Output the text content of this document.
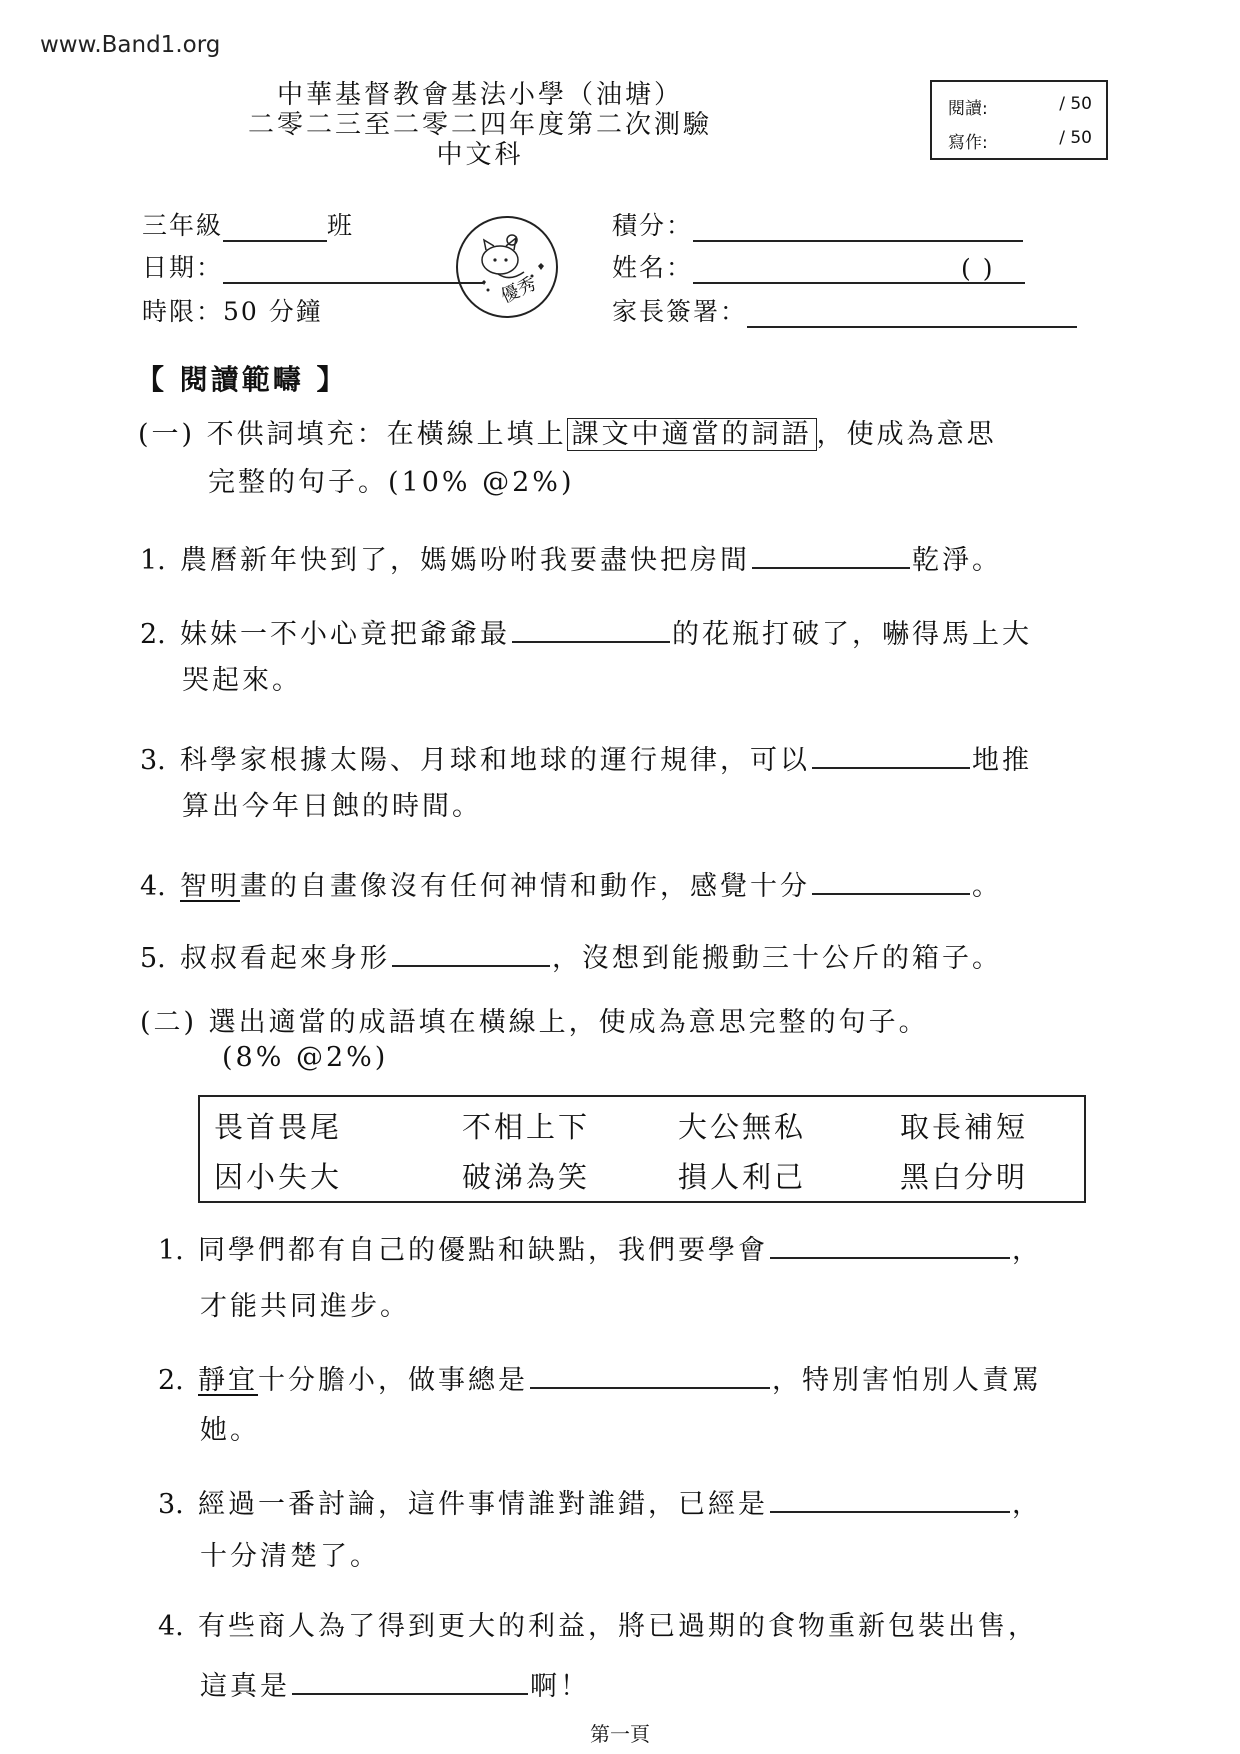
www.Band1.org
中華基督教會基法小學（油塘）
二零二三至二零二四年度第二次測驗
中文科
閱讀:	/ 50
寫作:	/ 50
三年級	班
日期：
時限：50 分鐘
優秀
積分：
姓名：	( )
家長簽署：
【 閱讀範疇 】
(一) 不供詞填充：在橫線上填上 課文中適當的詞語 ，使成為意思
完整的句子。(10% @2%)
1. 農曆新年快到了，媽媽吩咐我要盡快把房間	乾淨。
2. 妹妹一不小心竟把爺爺最	的花瓶打破了，嚇得馬上大
哭起來。
3. 科學家根據太陽、月球和地球的運行規律，可以	地推
算出今年日蝕的時間。
4. 智明畫的自畫像沒有任何神情和動作，感覺十分	。
5. 叔叔看起來身形	，沒想到能搬動三十公斤的箱子。
(二) 選出適當的成語填在橫線上，使成為意思完整的句子。
(8% @2%)
畏首畏尾	不相上下	大公無私	取長補短
因小失大	破涕為笑	損人利己	黑白分明
1. 同學們都有自己的優點和缺點，我們要學會	，
才能共同進步。
2. 靜宜十分膽小，做事總是	，特別害怕別人責罵
她。
3. 經過一番討論，這件事情誰對誰錯，已經是	，
十分清楚了。
4. 有些商人為了得到更大的利益，將已過期的食物重新包裝出售，
這真是	啊！
第一頁
